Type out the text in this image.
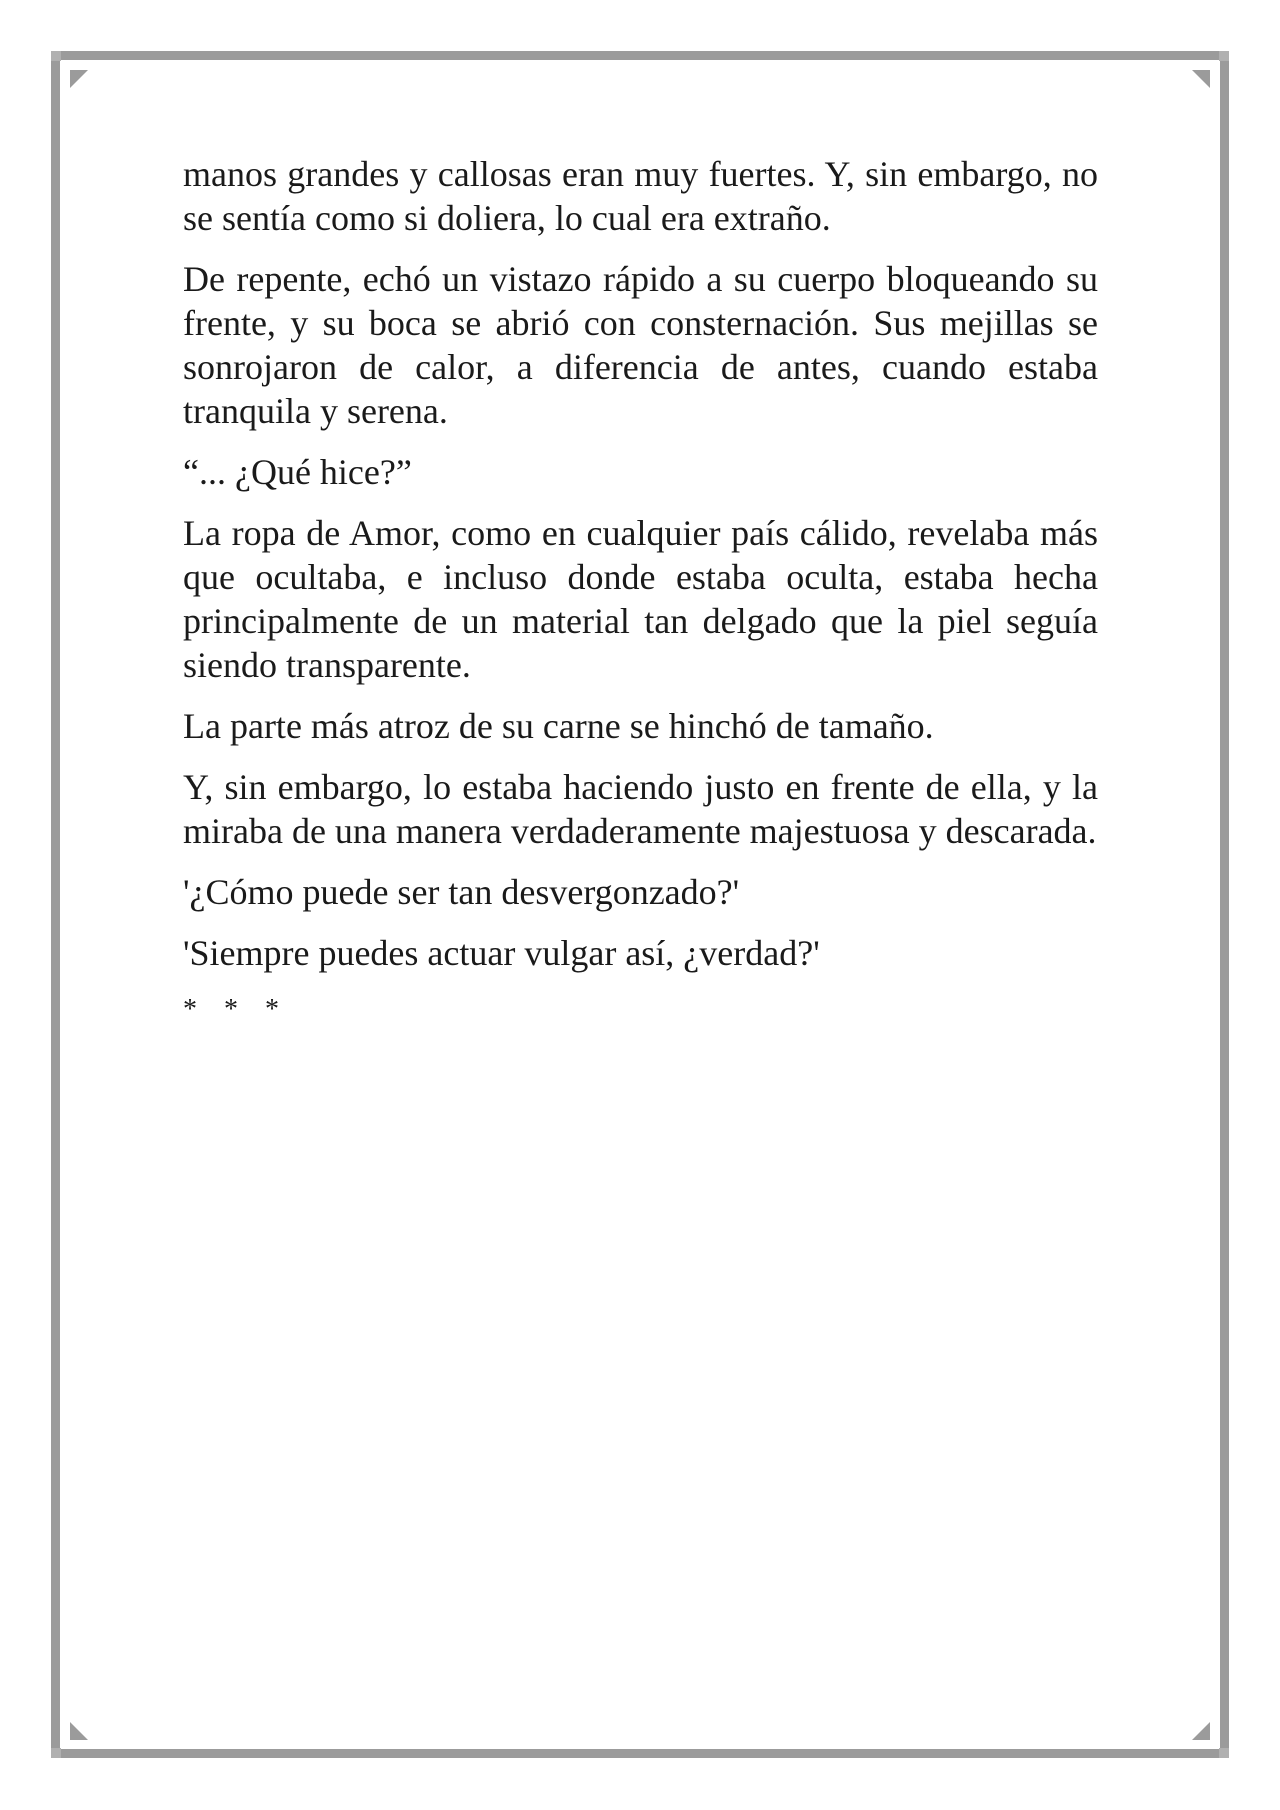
manos grandes y callosas eran muy fuertes. Y, sin embargo, no se sentía como si doliera, lo cual era extraño.

De repente, echó un vistazo rápido a su cuerpo bloqueando su frente, y su boca se abrió con consternación. Sus mejillas se sonrojaron de calor, a diferencia de antes, cuando estaba tranquila y serena.

“... ¿Qué hice?”

La ropa de Amor, como en cualquier país cálido, revelaba más que ocultaba, e incluso donde estaba oculta, estaba hecha principalmente de un material tan delgado que la piel seguía siendo transparente.

La parte más atroz de su carne se hinchó de tamaño.

Y, sin embargo, lo estaba haciendo justo en frente de ella, y la miraba de una manera verdaderamente majestuosa y descarada.

'¿Cómo puede ser tan desvergonzado?'

'Siempre puedes actuar vulgar así, ¿verdad?'

* * *
